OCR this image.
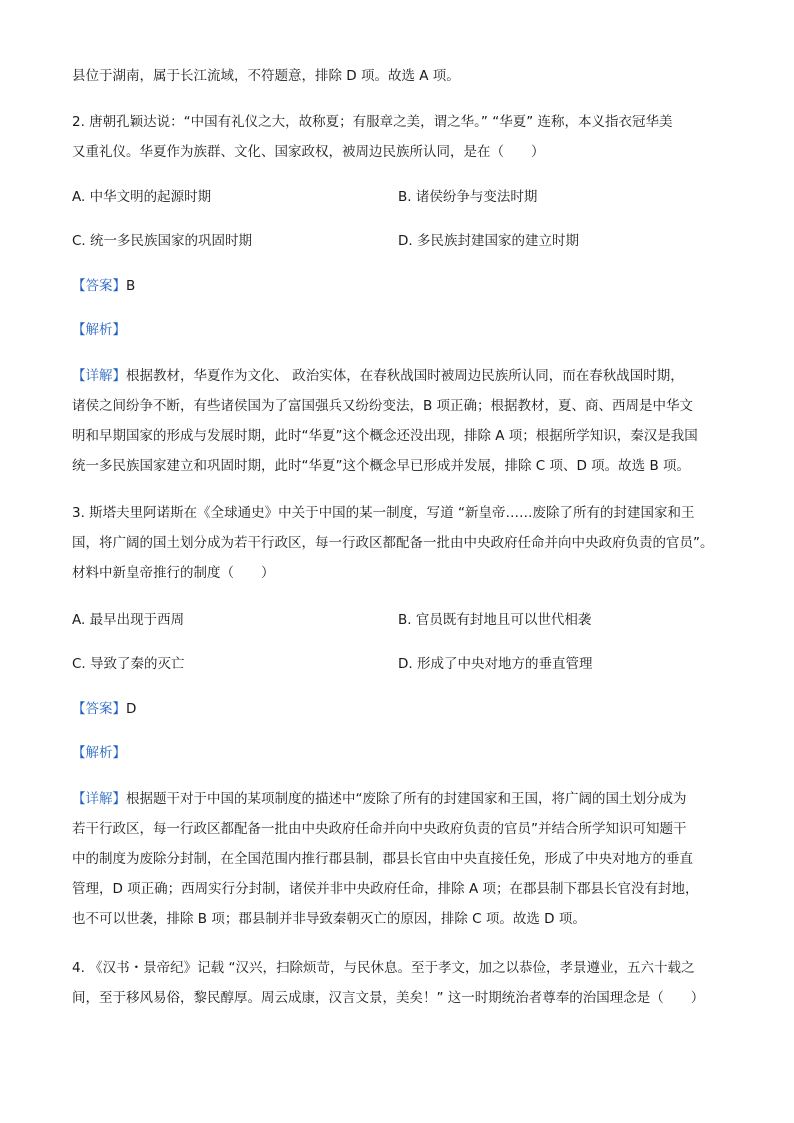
县位于湖南，属于长江流域，不符题意，排除 D 项。故选 A 项。
2. 唐朝孔颖达说：“中国有礼仪之大，故称夏；有服章之美，谓之华。” “华夏” 连称，本义指衣冠华美
又重礼仪。华夏作为族群、文化、国家政权，被周边民族所认同，是在（　　）
A. 中华文明的起源时期	B. 诸侯纷争与变法时期
C. 统一多民族国家的巩固时期	D. 多民族封建国家的建立时期
【答案】B
【解析】
【详解】根据教材，华夏作为文化、 政治实体，在春秋战国时被周边民族所认同，而在春秋战国时期，
诸侯之间纷争不断，有些诸侯国为了富国强兵又纷纷变法，B 项正确；根据教材，夏、商、西周是中华文
明和早期国家的形成与发展时期，此时“华夏”这个概念还没出现，排除 A 项；根据所学知识，秦汉是我国
统一多民族国家建立和巩固时期，此时“华夏”这个概念早已形成并发展，排除 C 项、D 项。故选 B 项。
3. 斯塔夫里阿诺斯在《全球通史》中关于中国的某一制度，写道 “新皇帝……废除了所有的封建国家和王
国，将广阔的国土划分成为若干行政区，每一行政区都配备一批由中央政府任命并向中央政府负责的官员”。
材料中新皇帝推行的制度（　　）
A. 最早出现于西周	B. 官员既有封地且可以世代相袭
C. 导致了秦的灭亡	D. 形成了中央对地方的垂直管理
【答案】D
【解析】
【详解】根据题干对于中国的某项制度的描述中“废除了所有的封建国家和王国，将广阔的国土划分成为
若干行政区，每一行政区都配备一批由中央政府任命并向中央政府负责的官员”并结合所学知识可知题干
中的制度为废除分封制，在全国范围内推行郡县制，郡县长官由中央直接任免，形成了中央对地方的垂直
管理，D 项正确；西周实行分封制，诸侯并非中央政府任命，排除 A 项；在郡县制下郡县长官没有封地，
也不可以世袭，排除 B 项；郡县制并非导致秦朝灭亡的原因，排除 C 项。故选 D 项。
4. 《汉书・景帝纪》记载 “汉兴，扫除烦苛，与民休息。至于孝文，加之以恭俭，孝景遵业，五六十载之
间，至于移风易俗，黎民醇厚。周云成康，汉言文景，美矣！” 这一时期统治者尊奉的治国理念是（　　）
